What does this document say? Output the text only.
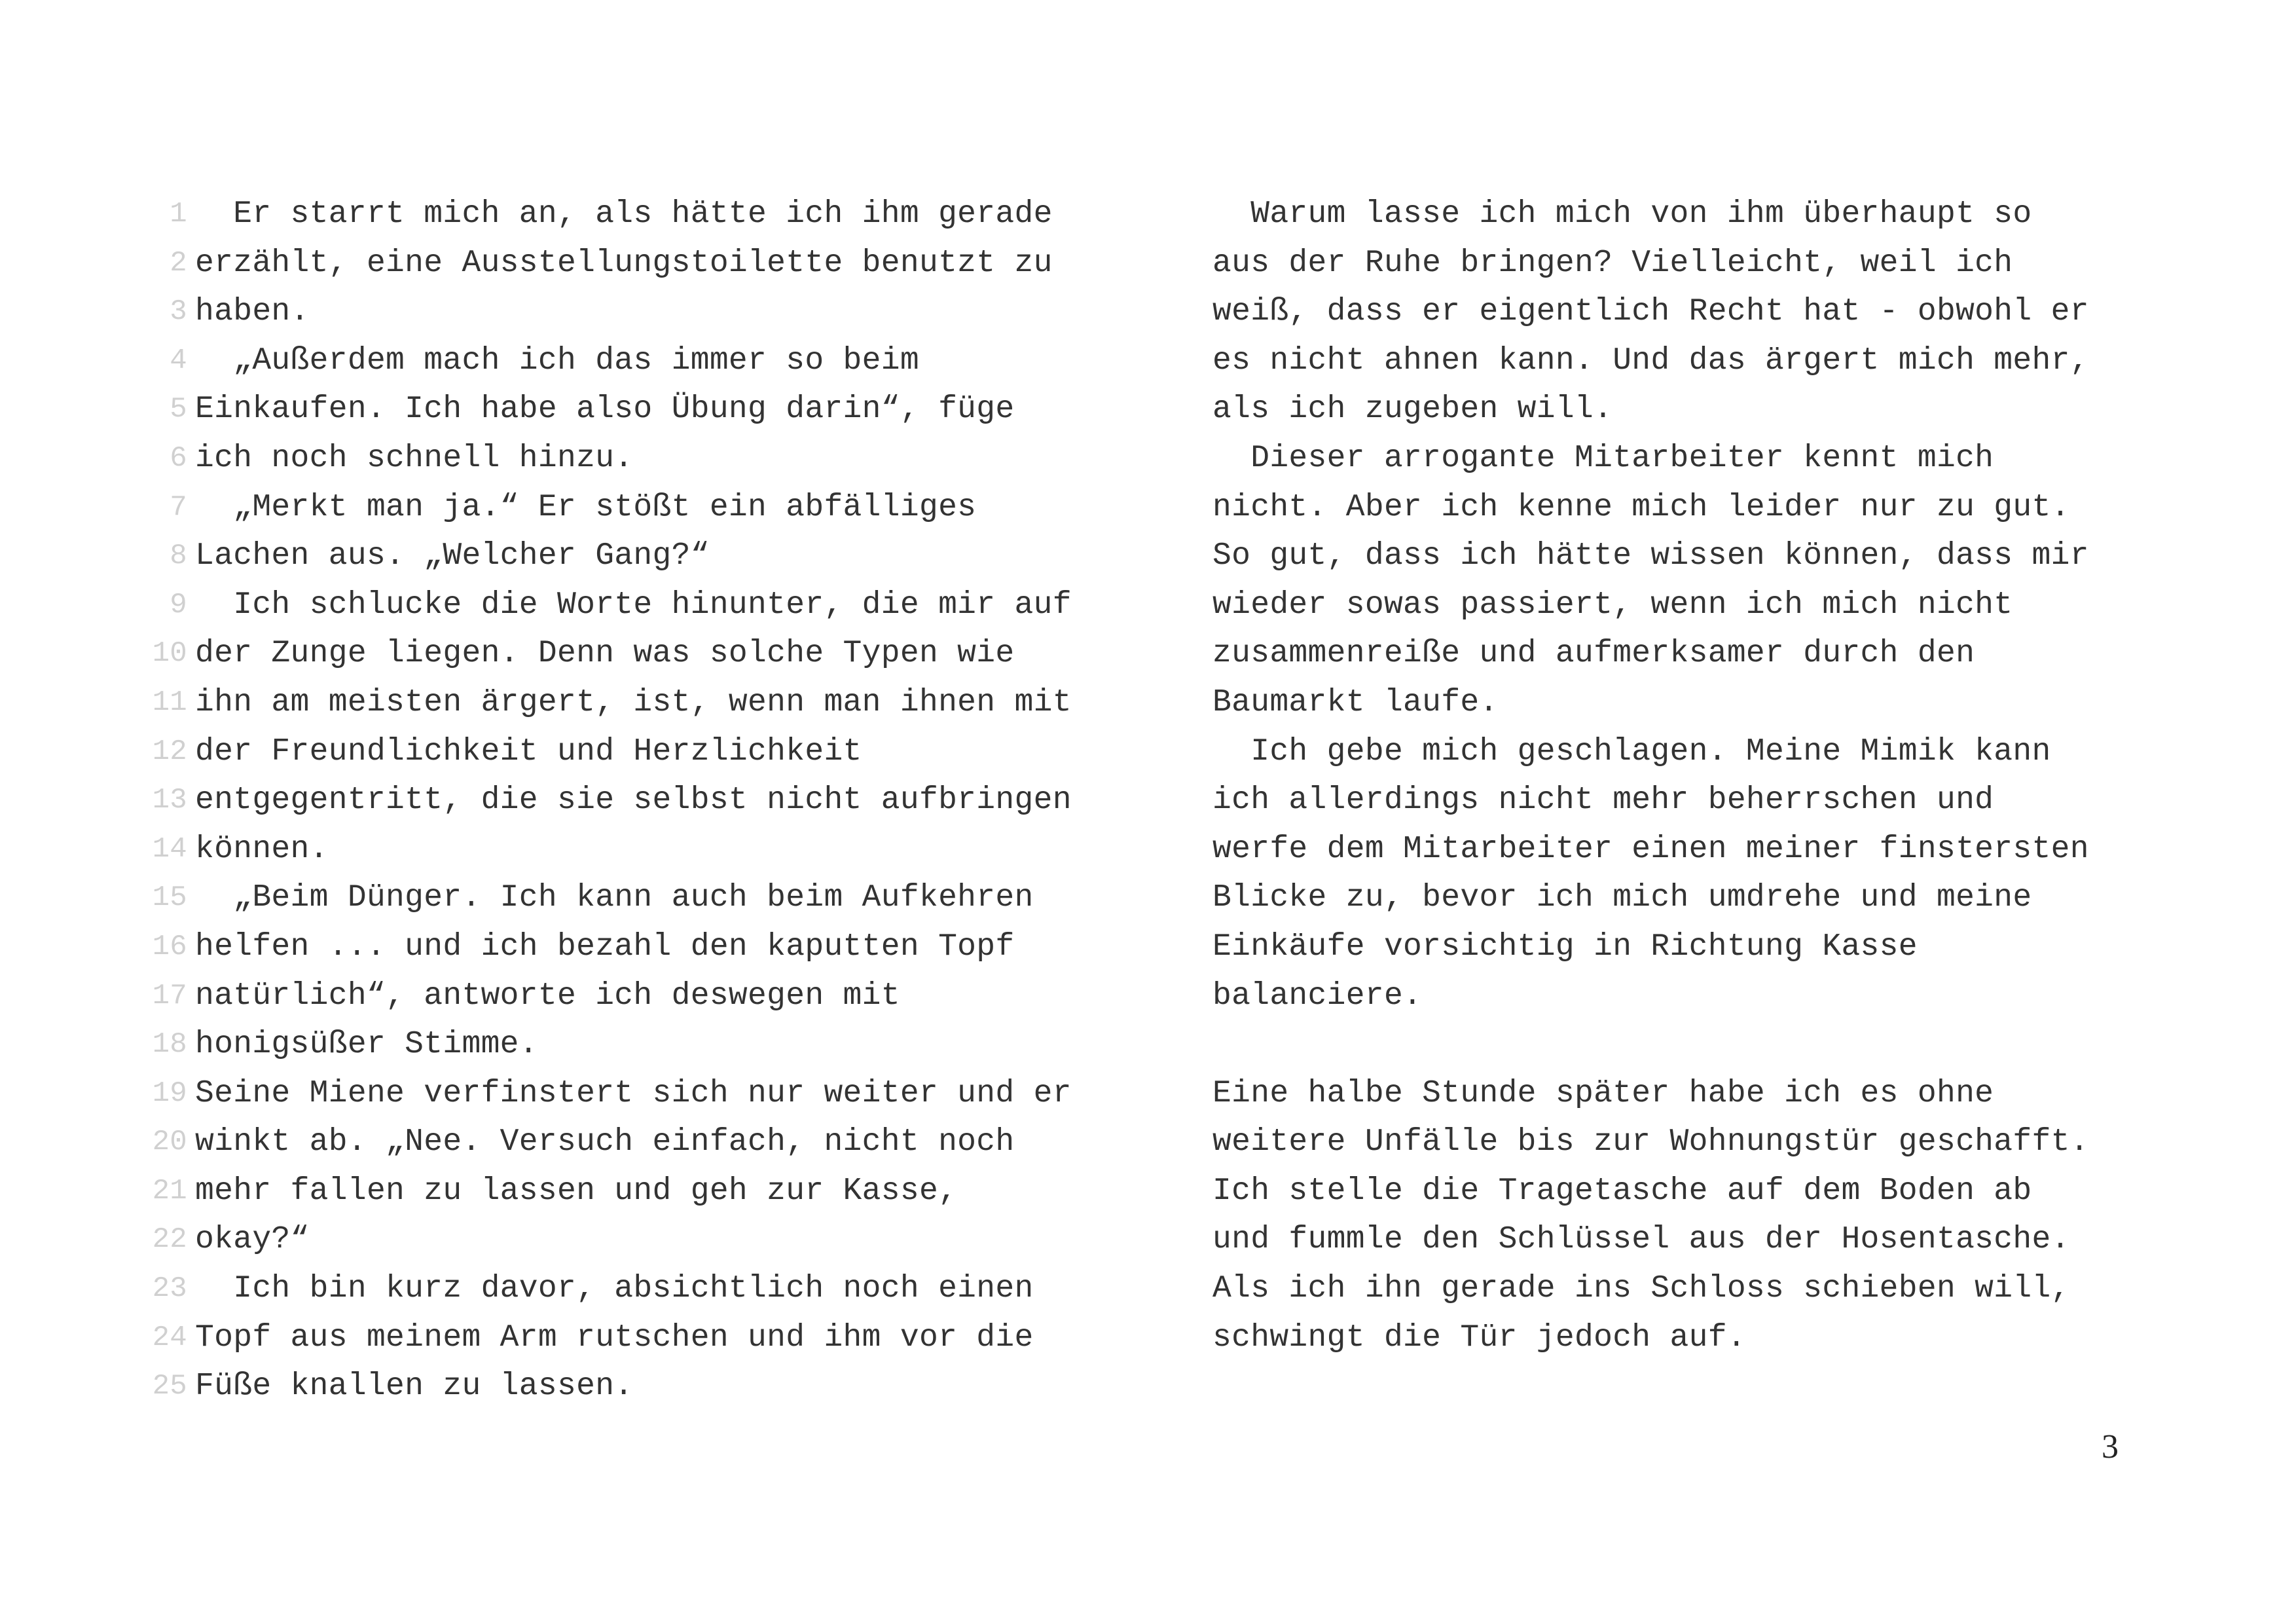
1 Er starrt mich an, als hätte ich ihm gerade
2 erzählt, eine Ausstellungstoilette benutzt zu
3 haben.
4 „Außerdem mach ich das immer so beim
5 Einkaufen. Ich habe also Übung darin“, füge
6 ich noch schnell hinzu.
7 „Merkt man ja.“ Er stößt ein abfälliges
8 Lachen aus. „Welcher Gang?“
9 Ich schlucke die Worte hinunter, die mir auf
10 der Zunge liegen. Denn was solche Typen wie
11 ihn am meisten ärgert, ist, wenn man ihnen mit
12 der Freundlichkeit und Herzlichkeit
13 entgegentritt, die sie selbst nicht aufbringen
14 können.
15 „Beim Dünger. Ich kann auch beim Aufkehren
16 helfen ... und ich bezahl den kaputten Topf
17 natürlich“, antworte ich deswegen mit
18 honigsüßer Stimme.
19 Seine Miene verfinstert sich nur weiter und er
20 winkt ab. „Nee. Versuch einfach, nicht noch
21 mehr fallen zu lassen und geh zur Kasse,
22 okay?“
23 Ich bin kurz davor, absichtlich noch einen
24 Topf aus meinem Arm rutschen und ihm vor die
25 Füße knallen zu lassen.
Warum lasse ich mich von ihm überhaupt so
aus der Ruhe bringen? Vielleicht, weil ich
weiß, dass er eigentlich Recht hat - obwohl er
es nicht ahnen kann. Und das ärgert mich mehr,
als ich zugeben will.
Dieser arrogante Mitarbeiter kennt mich
nicht. Aber ich kenne mich leider nur zu gut.
So gut, dass ich hätte wissen können, dass mir
wieder sowas passiert, wenn ich mich nicht
zusammenreiße und aufmerksamer durch den
Baumarkt laufe.
Ich gebe mich geschlagen. Meine Mimik kann
ich allerdings nicht mehr beherrschen und
werfe dem Mitarbeiter einen meiner finstersten
Blicke zu, bevor ich mich umdrehe und meine
Einkäufe vorsichtig in Richtung Kasse
balanciere.
Eine halbe Stunde später habe ich es ohne
weitere Unfälle bis zur Wohnungstür geschafft.
Ich stelle die Tragetasche auf dem Boden ab
und fummle den Schlüssel aus der Hosentasche.
Als ich ihn gerade ins Schloss schieben will,
schwingt die Tür jedoch auf.
3
